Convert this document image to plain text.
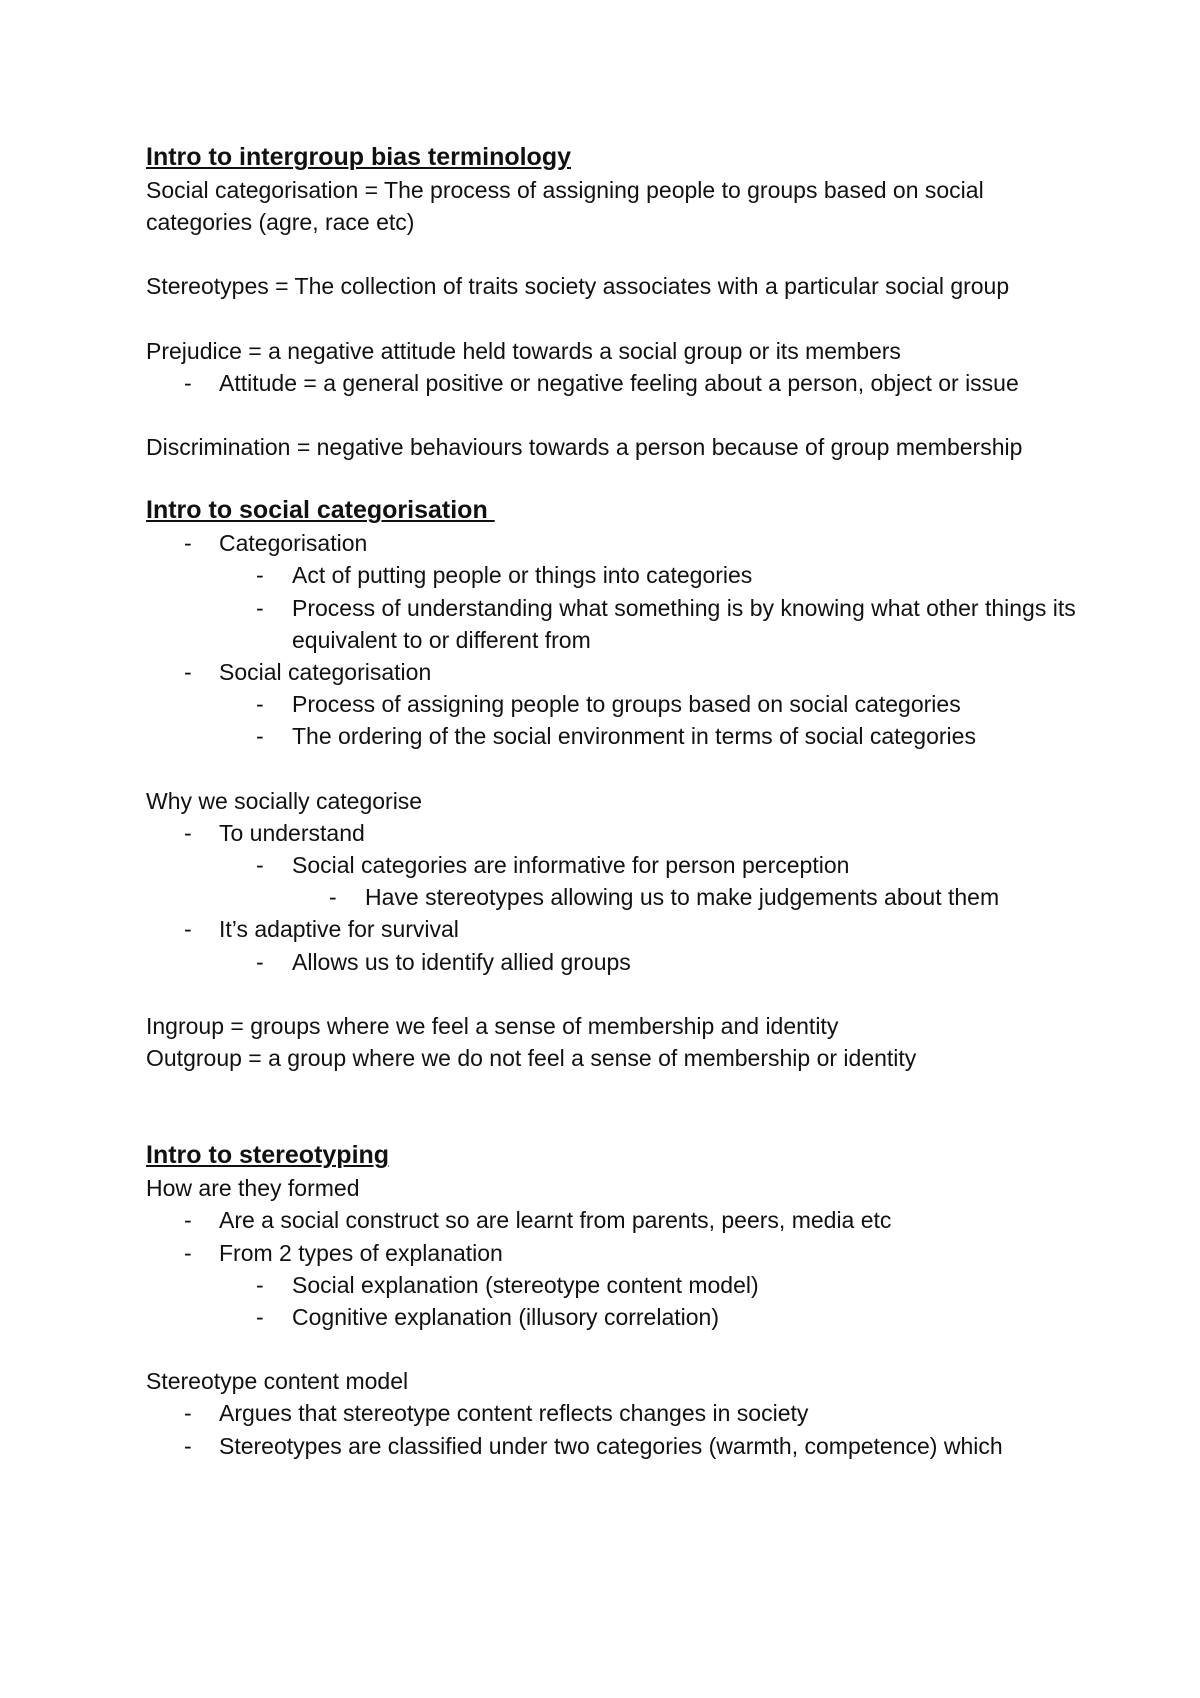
Intro to intergroup bias terminology

Social categorisation = The process of assigning people to groups based on social categories (agre, race etc)

Stereotypes = The collection of traits society associates with a particular social group

Prejudice = a negative attitude held towards a social group or its members

- Attitude = a general positive or negative feeling about a person, object or issue

Discrimination = negative behaviours towards a person because of group membership

Intro to social categorisation
- Categorisation
- Act of putting people or things into categories
- Process of understanding what something is by knowing what other things its equivalent to or different from
- Social categorisation
- Process of assigning people to groups based on social categories
- The ordering of the social environment in terms of social categories

Why we socially categorise

- To understand
- Social categories are informative for person perception
- Have stereotypes allowing us to make judgements about them
- It’s adaptive for survival
- Allows us to identify allied groups

Ingroup = groups where we feel a sense of membership and identity

Outgroup = a group where we do not feel a sense of membership or identity

Intro to stereotyping

How are they formed

- Are a social construct so are learnt from parents, peers, media etc
- From 2 types of explanation
- Social explanation (stereotype content model)
- Cognitive explanation (illusory correlation)

Stereotype content model

- Argues that stereotype content reflects changes in society
- Stereotypes are classified under two categories (warmth, competence) which
